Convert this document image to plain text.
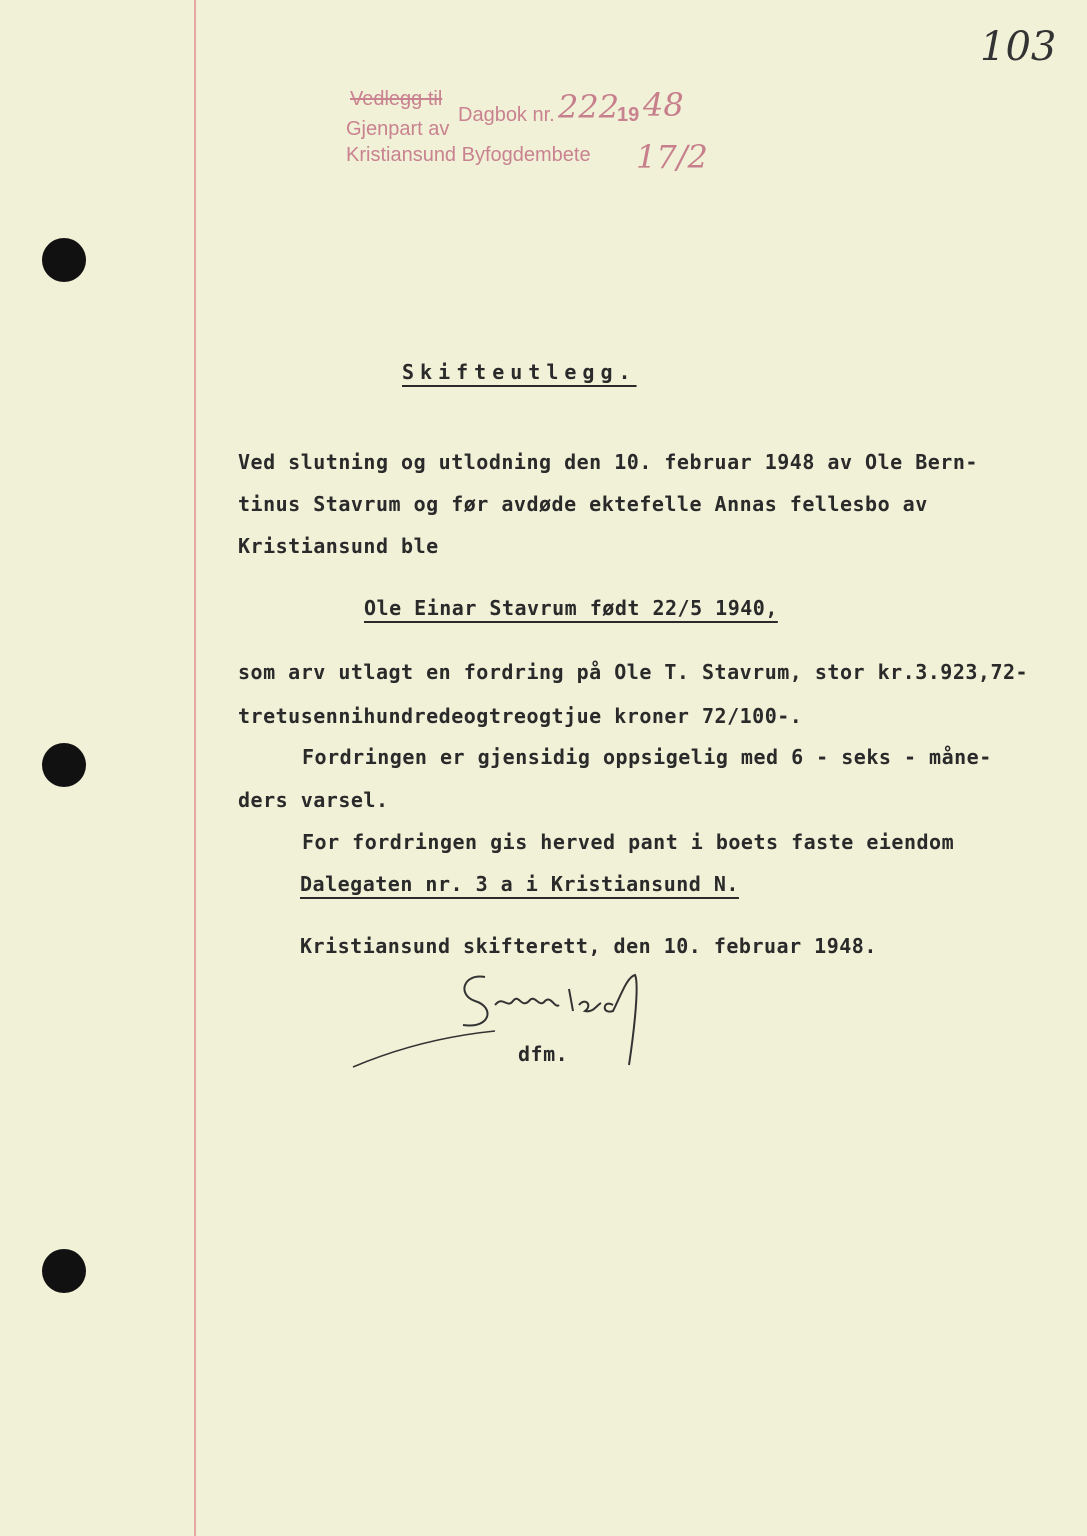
103
Vedlegg til
Dagbok nr. 222
19 48
Gjenpart av
Kristiansund Byfogdembete 17/2
Skifteutlegg.
Ved slutning og utlodning den 10. februar 1948 av Ole Bern-
tinus Stavrum og før avdøde ektefelle Annas fellesbo av
Kristiansund ble
Ole Einar Stavrum født 22/5 1940,
som arv utlagt en fordring på Ole T. Stavrum, stor kr.3.923,72-
tretusennihundredeogtreogtjue kroner 72/100-.
Fordringen er gjensidig oppsigelig med 6 - seks - måne-
ders varsel.
For fordringen gis herved pant i boets faste eiendom
Dalegaten nr. 3 a i Kristiansund N.
Kristiansund skifterett, den 10. februar 1948.
dfm.
